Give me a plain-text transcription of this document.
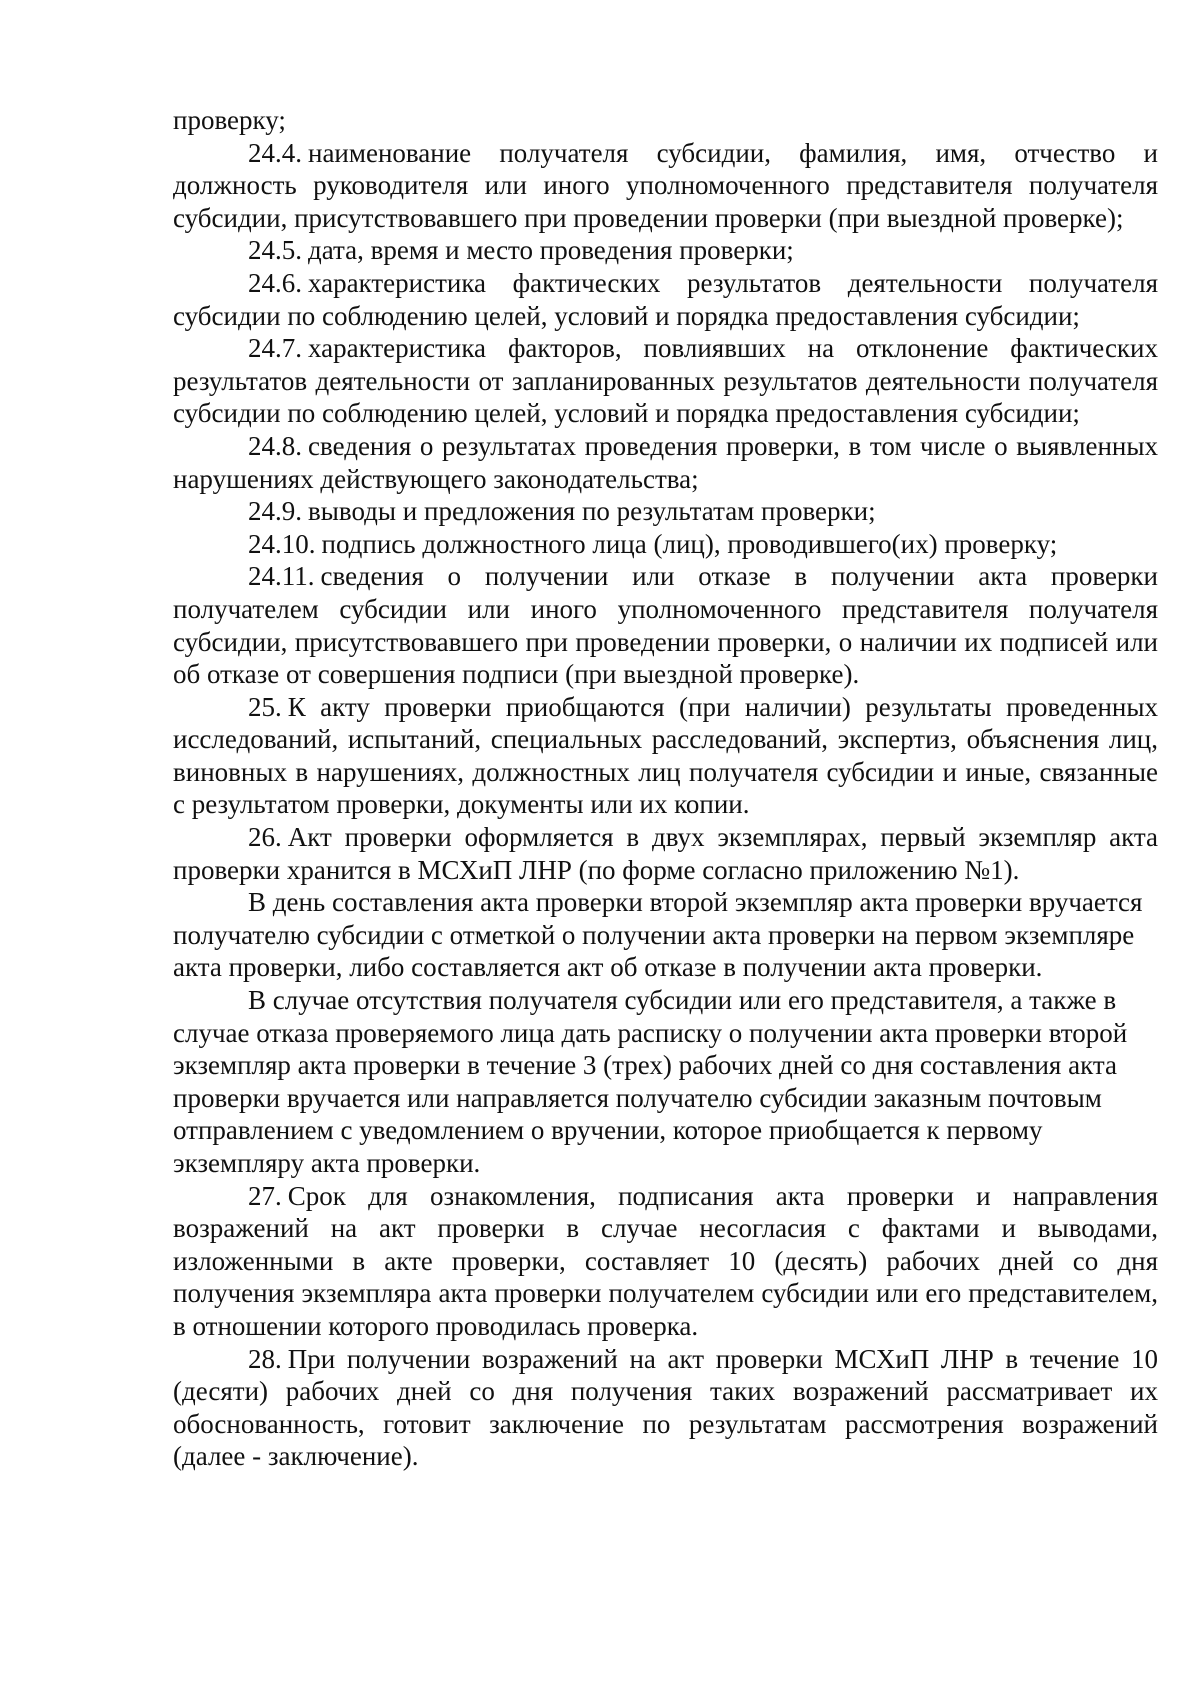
проверку;

24.4. наименование получателя субсидии, фамилия, имя, отчество и должность руководителя или иного уполномоченного представителя получателя субсидии, присутствовавшего при проведении проверки (при выездной проверке);

24.5. дата, время и место проведения проверки;

24.6. характеристика фактических результатов деятельности получателя субсидии по соблюдению целей, условий и порядка предоставления субсидии;

24.7. характеристика факторов, повлиявших на отклонение фактических результатов деятельности от запланированных результатов деятельности получателя субсидии по соблюдению целей, условий и порядка предоставления субсидии;

24.8. сведения о результатах проведения проверки, в том числе о выявленных нарушениях действующего законодательства;

24.9. выводы и предложения по результатам проверки;

24.10. подпись должностного лица (лиц), проводившего(их) проверку;

24.11. сведения о получении или отказе в получении акта проверки получателем субсидии или иного уполномоченного представителя получателя субсидии, присутствовавшего при проведении проверки, о наличии их подписей или об отказе от совершения подписи (при выездной проверке).

25. К акту проверки приобщаются (при наличии) результаты проведенных исследований, испытаний, специальных расследований, экспертиз, объяснения лиц, виновных в нарушениях, должностных лиц получателя субсидии и иные, связанные с результатом проверки, документы или их копии.

26. Акт проверки оформляется в двух экземплярах, первый экземпляр акта проверки хранится в МСХиП ЛНР (по форме согласно приложению №1).

В день составления акта проверки второй экземпляр акта проверки вручается получателю субсидии с отметкой о получении акта проверки на первом экземпляре акта проверки, либо составляется акт об отказе в получении акта проверки.

В случае отсутствия получателя субсидии или его представителя, а также в случае отказа проверяемого лица дать расписку о получении акта проверки второй экземпляр акта проверки в течение 3 (трех) рабочих дней со дня составления акта проверки вручается или направляется получателю субсидии заказным почтовым отправлением с уведомлением о вручении, которое приобщается к первому экземпляру акта проверки.

27. Срок для ознакомления, подписания акта проверки и направления возражений на акт проверки в случае несогласия с фактами и выводами, изложенными в акте проверки, составляет 10 (десять) рабочих дней со дня получения экземпляра акта проверки получателем субсидии или его представителем, в отношении которого проводилась проверка.

28. При получении возражений на акт проверки МСХиП ЛНР в течение 10 (десяти) рабочих дней со дня получения таких возражений рассматривает их обоснованность, готовит заключение по результатам рассмотрения возражений (далее - заключение).
